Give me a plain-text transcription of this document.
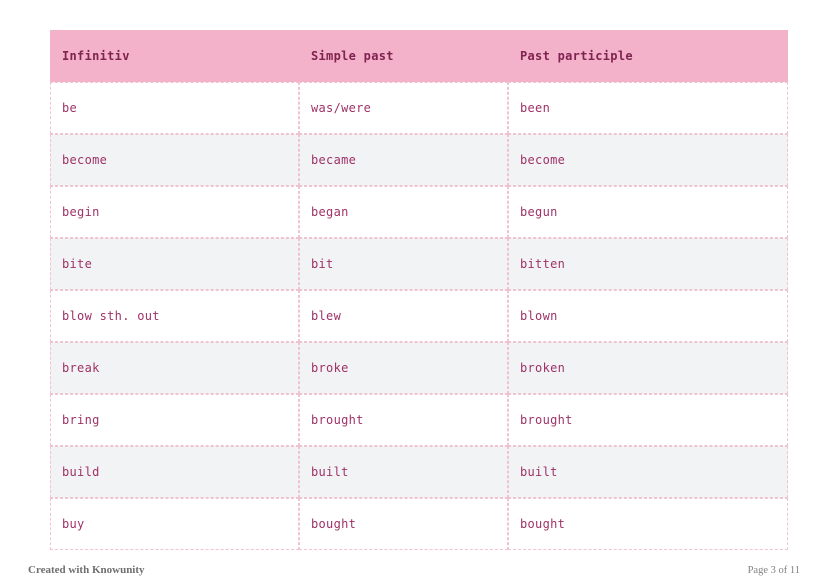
Infinitiv	Simple past	Past participle
be	was/were	been
become	became	become
begin	began	begun
bite	bit	bitten
blow sth. out	blew	blown
break	broke	broken
bring	brought	brought
build	built	built
buy	bought	bought
Created with Knowunity	Page 3 of 11
